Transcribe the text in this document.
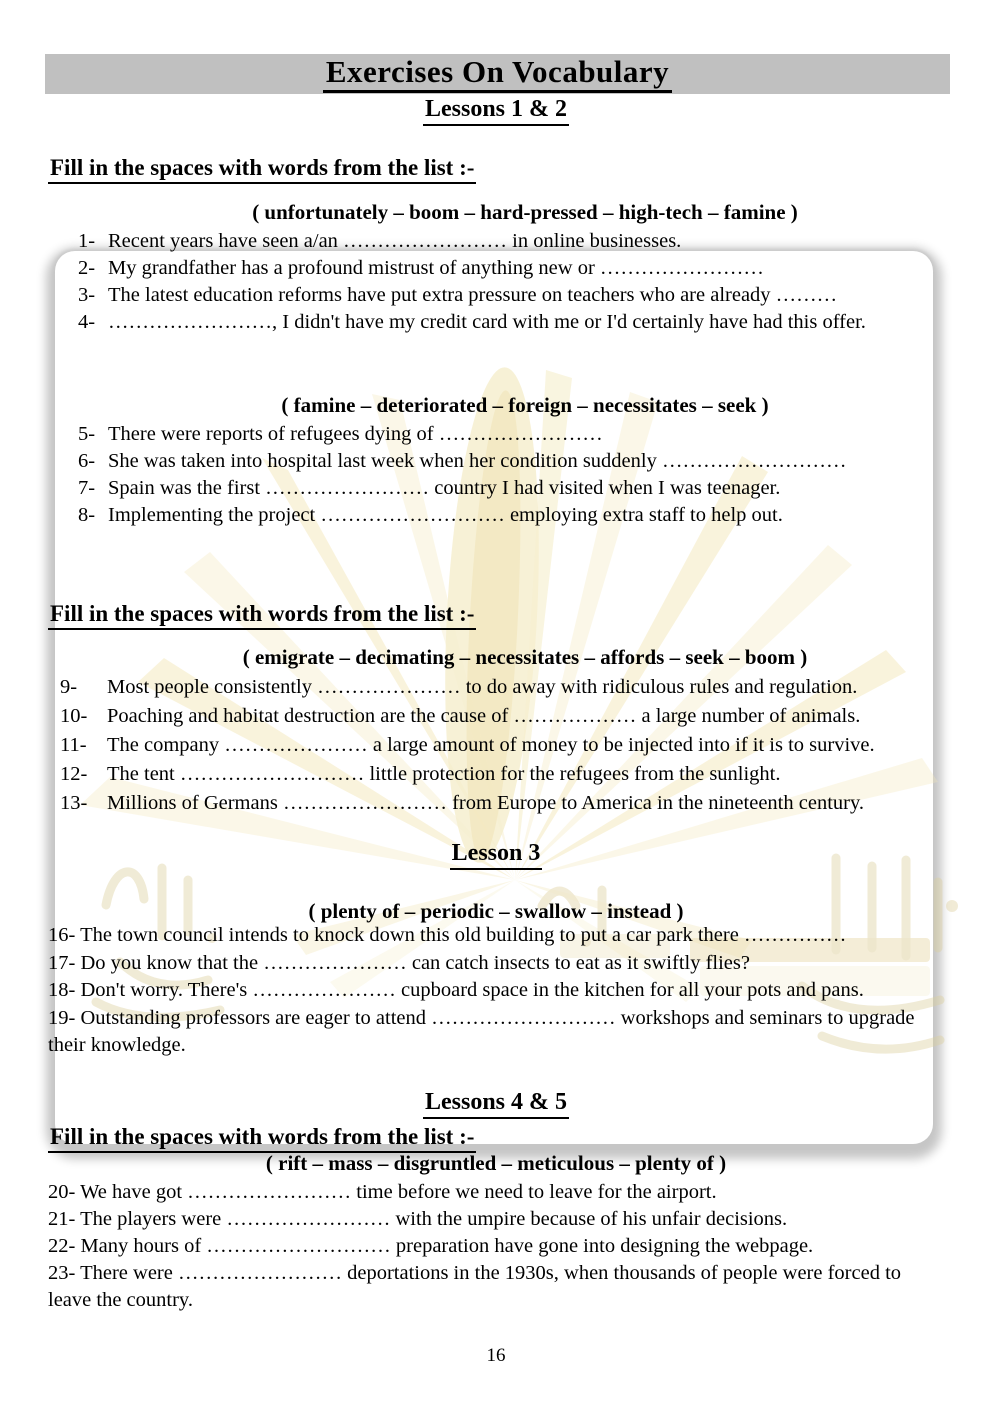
Exercises On Vocabulary
Lessons 1 & 2
Fill in the spaces with words from the list :-
( unfortunately – boom – hard-pressed – high-tech – famine )
1- Recent years have seen a/an …………………… in online businesses.
2- My grandfather has a profound mistrust of anything new or ……………………
3- The latest education reforms have put extra pressure on teachers who are already ………
4- ……………………, I didn't have my credit card with me or I'd certainly have had this offer.
( famine – deteriorated – foreign – necessitates – seek )
5- There were reports of refugees dying of ……………………
6- She was taken into hospital last week when her condition suddenly ………………………
7- Spain was the first …………………… country I had visited when I was teenager.
8- Implementing the project ……………………… employing extra staff to help out.
Fill in the spaces with words from the list :-
( emigrate – decimating – necessitates – affords – seek – boom )
9- Most people consistently ………………… to do away with ridiculous rules and regulation.
10- Poaching and habitat destruction are the cause of ……………… a large number of animals.
11- The company ………………… a large amount of money to be injected into if it is to survive.
12- The tent ……………………… little protection for the refugees from the sunlight.
13- Millions of Germans …………………… from Europe to America in the nineteenth century.
Lesson 3
( plenty of – periodic – swallow – instead )
16- The town council intends to knock down this old building to put a car park there ……………
17- Do you know that the ………………… can catch insects to eat as it swiftly flies?
18- Don't worry. There's ………………… cupboard space in the kitchen for all your pots and pans.
19- Outstanding professors are eager to attend ……………………… workshops and seminars to upgrade their knowledge.
Lessons 4 & 5
Fill in the spaces with words from the list :-
( rift – mass – disgruntled – meticulous – plenty of )
20- We have got …………………… time before we need to leave for the airport.
21- The players were …………………… with the umpire because of his unfair decisions.
22- Many hours of ……………………… preparation have gone into designing the webpage.
23- There were …………………… deportations in the 1930s, when thousands of people were forced to leave the country.
16
